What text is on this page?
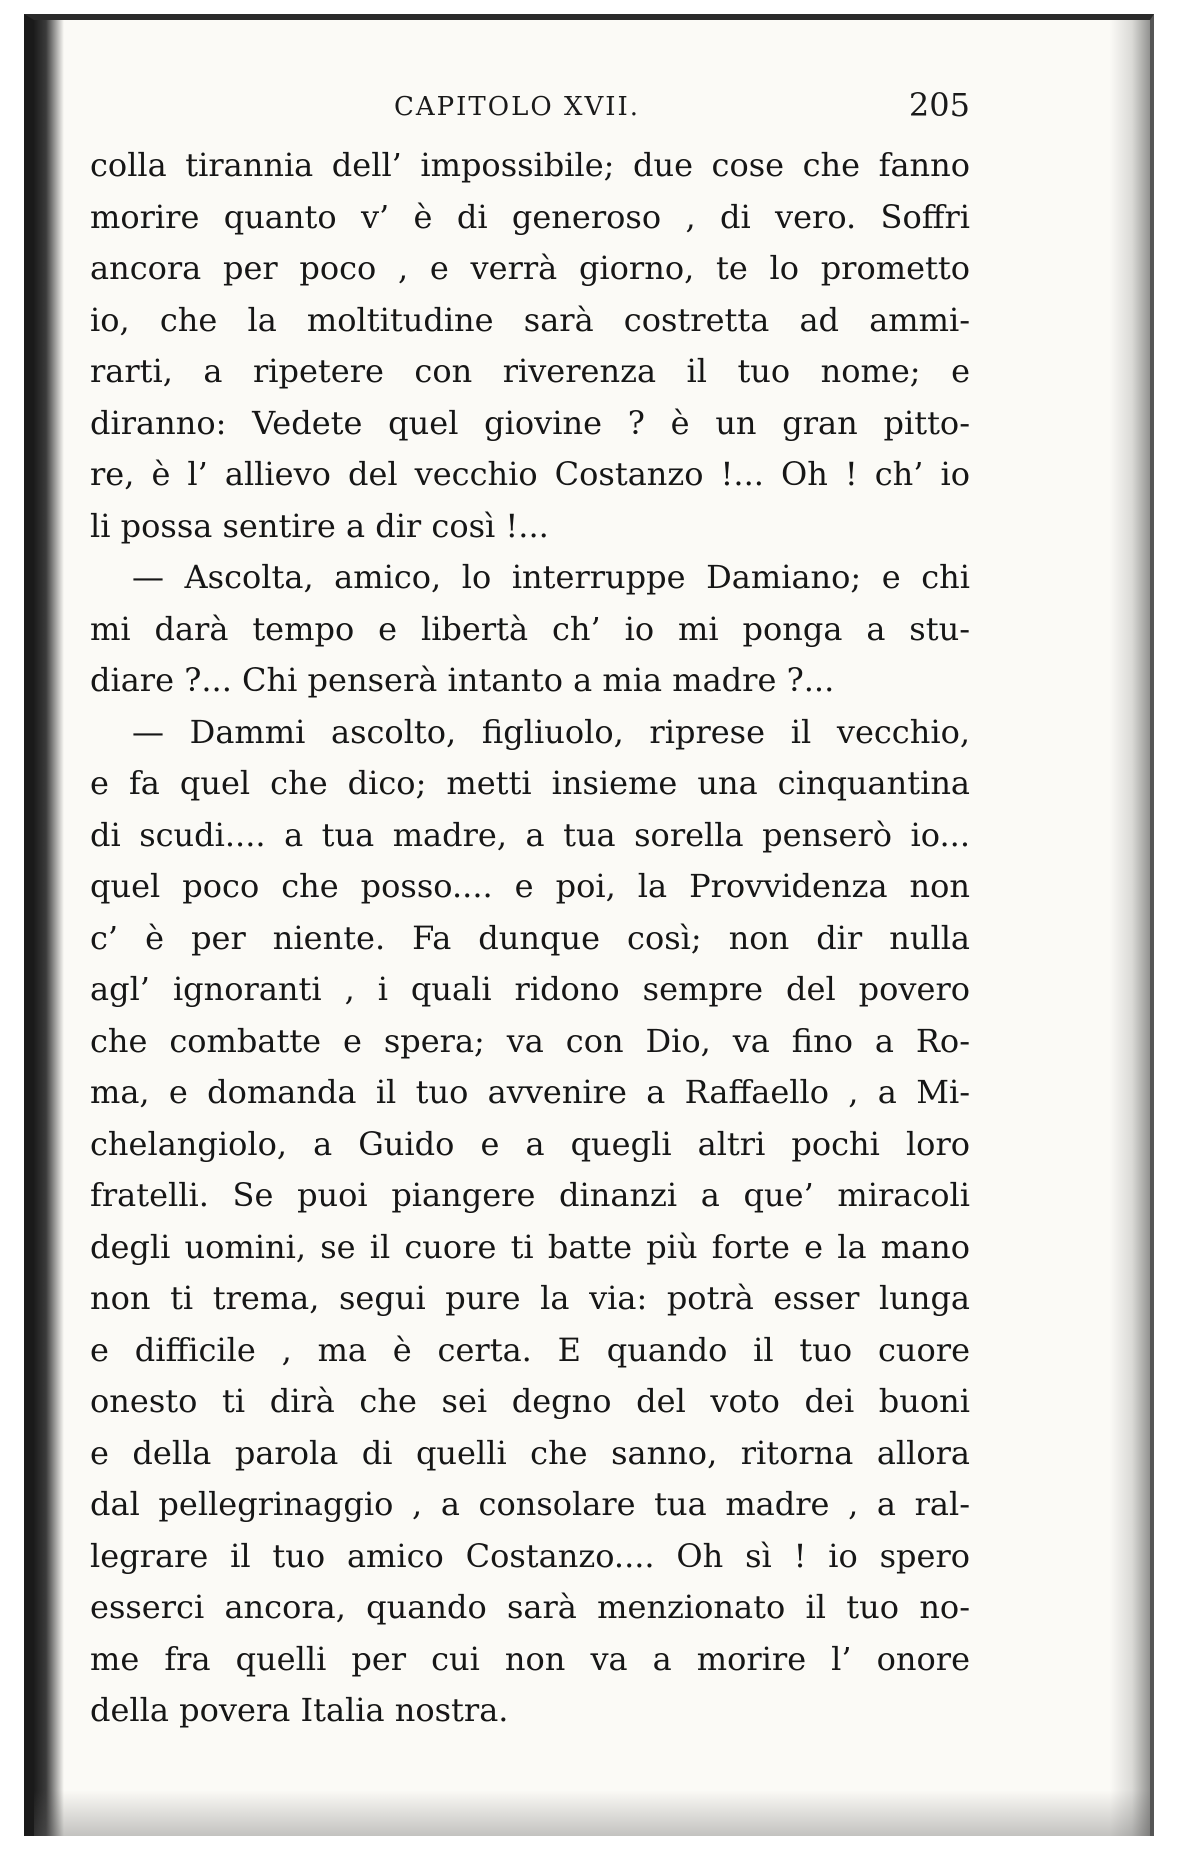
CAPITOLO XVII.	205
colla tirannia dell’ impossibile; due cose che fanno
morire quanto v’ è di generoso , di vero. Soffri
ancora per poco , e verrà giorno, te lo prometto
io, che la moltitudine sarà costretta ad ammi-
rarti, a ripetere con riverenza il tuo nome; e
diranno: Vedete quel giovine ? è un gran pitto-
re, è l’ allievo del vecchio Costanzo !... Oh ! ch’ io
li possa sentire a dir così !...
— Ascolta, amico, lo interruppe Damiano; e chi
mi darà tempo e libertà ch’ io mi ponga a stu-
diare ?... Chi penserà intanto a mia madre ?...
— Dammi ascolto, figliuolo, riprese il vecchio,
e fa quel che dico; metti insieme una cinquantina
di scudi.... a tua madre, a tua sorella penserò io...
quel poco che posso.... e poi, la Provvidenza non
c’ è per niente. Fa dunque così; non dir nulla
agl’ ignoranti , i quali ridono sempre del povero
che combatte e spera; va con Dio, va fino a Ro-
ma, e domanda il tuo avvenire a Raffaello , a Mi-
chelangiolo, a Guido e a quegli altri pochi loro
fratelli. Se puoi piangere dinanzi a que’ miracoli
degli uomini, se il cuore ti batte più forte e la mano
non ti trema, segui pure la via: potrà esser lunga
e difficile , ma è certa. E quando il tuo cuore
onesto ti dirà che sei degno del voto dei buoni
e della parola di quelli che sanno, ritorna allora
dal pellegrinaggio , a consolare tua madre , a ral-
legrare il tuo amico Costanzo.... Oh sì ! io spero
esserci ancora, quando sarà menzionato il tuo no-
me fra quelli per cui non va a morire l’ onore
della povera Italia nostra.
